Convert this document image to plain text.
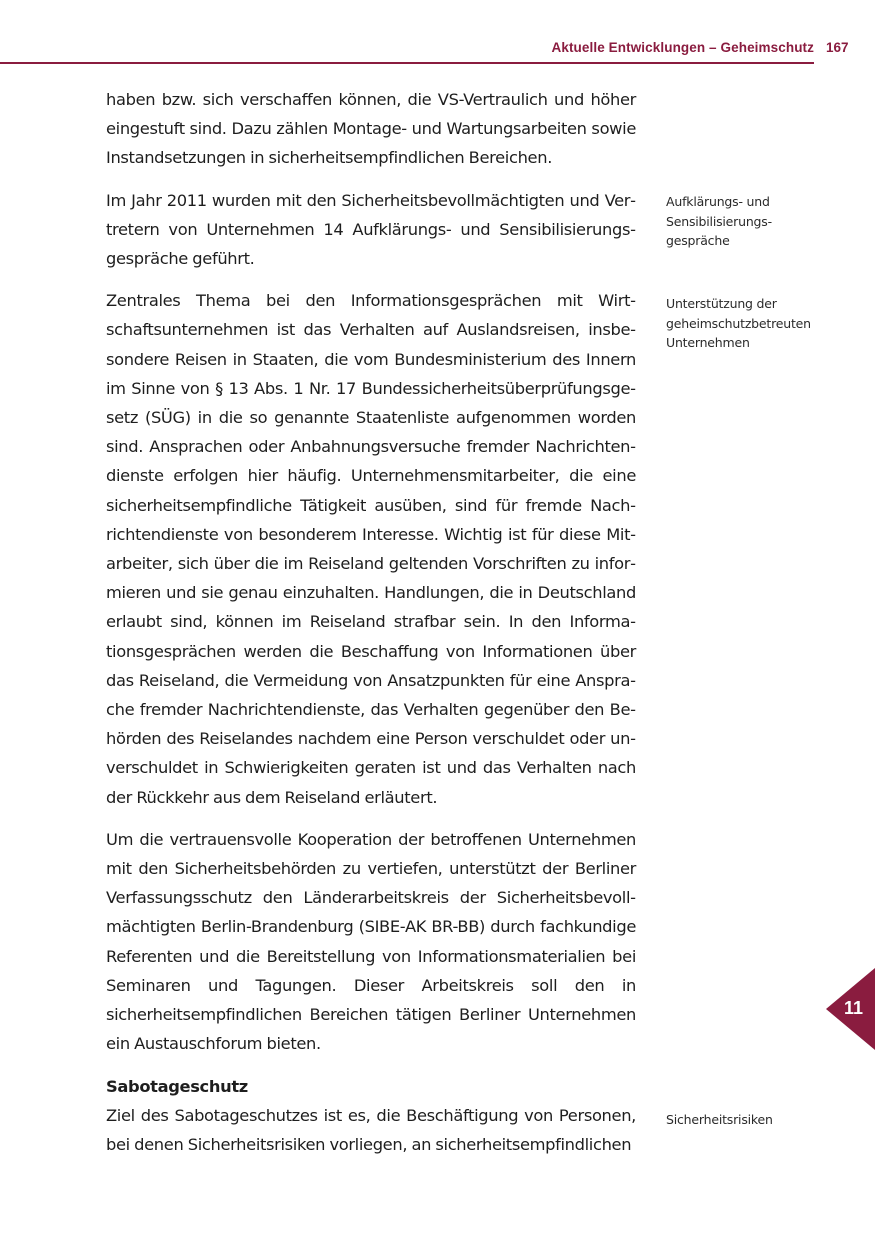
Aktuelle Entwicklungen – Geheimschutz 167

haben bzw. sich verschaffen können, die VS-Vertraulich und höher eingestuft sind. Dazu zählen Montage- und Wartungsarbeiten sowie Instandsetzungen in sicherheitsempfindlichen Bereichen.

Im Jahr 2011 wurden mit den Sicherheitsbevollmächtigten und Vertretern von Unternehmen 14 Aufklärungs- und Sensibilisierungsgespräche geführt.

Zentrales Thema bei den Informationsgesprächen mit Wirtschaftsunternehmen ist das Verhalten auf Auslandsreisen, insbesondere Reisen in Staaten, die vom Bundesministerium des Innern im Sinne von § 13 Abs. 1 Nr. 17 Bundessicherheitsüberprüfungsgesetz (SÜG) in die so genannte Staatenliste aufgenommen worden sind. Ansprachen oder Anbahnungsversuche fremder Nachrichtendienste erfolgen hier häufig. Unternehmensmitarbeiter, die eine sicherheitsempfindliche Tätigkeit ausüben, sind für fremde Nachrichtendienste von besonderem Interesse. Wichtig ist für diese Mitarbeiter, sich über die im Reiseland geltenden Vorschriften zu informieren und sie genau einzuhalten. Handlungen, die in Deutschland erlaubt sind, können im Reiseland strafbar sein. In den Informationsgesprächen werden die Beschaffung von Informationen über das Reiseland, die Vermeidung von Ansatzpunkten für eine Ansprache fremder Nachrichtendienste, das Verhalten gegenüber den Behörden des Reiselandes nachdem eine Person verschuldet oder unverschuldet in Schwierigkeiten geraten ist und das Verhalten nach der Rückkehr aus dem Reiseland erläutert.

Um die vertrauensvolle Kooperation der betroffenen Unternehmen mit den Sicherheitsbehörden zu vertiefen, unterstützt der Berliner Verfassungsschutz den Länderarbeitskreis der Sicherheitsbevollmächtigten Berlin-Brandenburg (SIBE-AK BR-BB) durch fachkundige Referenten und die Bereitstellung von Informationsmaterialien bei Seminaren und Tagungen. Dieser Arbeitskreis soll den in sicherheitsempfindlichen Bereichen tätigen Berliner Unternehmen ein Austauschforum bieten.

Sabotageschutz

Ziel des Sabotageschutzes ist es, die Beschäftigung von Personen, bei denen Sicherheitsrisiken vorliegen, an sicherheitsempfindlichen

Aufklärungs- und Sensibilisierungs-gespräche
Unterstützung der geheimschutzbetreuten Unternehmen
Sicherheitsrisiken
11
